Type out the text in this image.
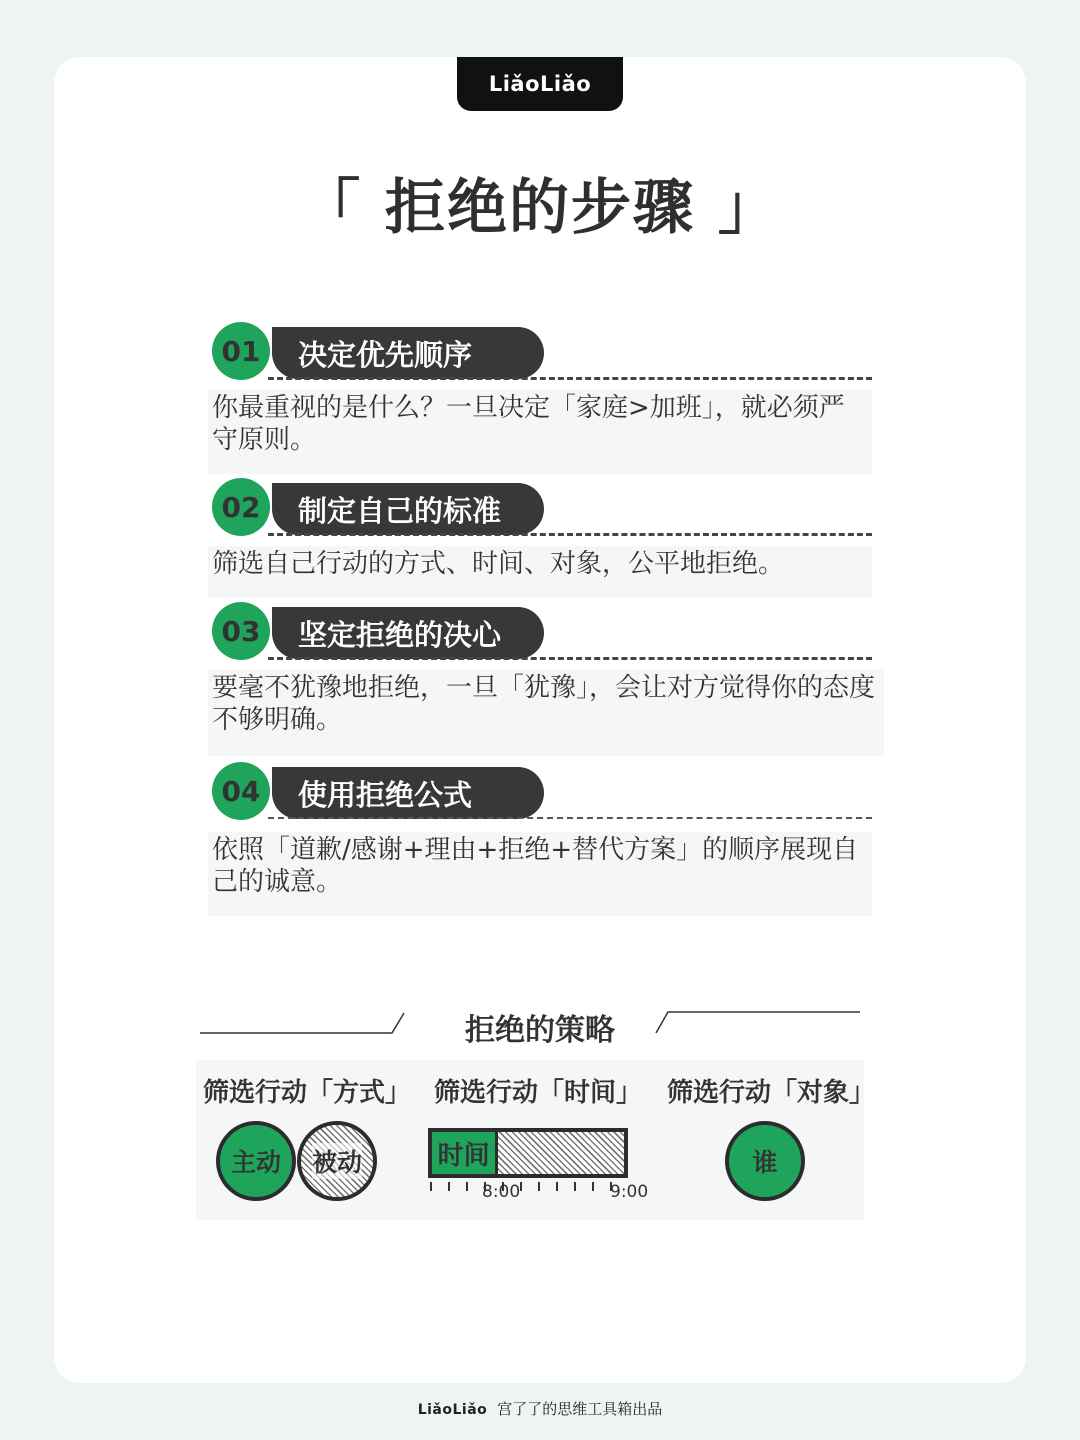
LiǎoLiǎo
「 拒绝的步骤 」
01	决定优先顺序
你最重视的是什么？一旦决定「家庭>加班」，就必须严守原则。
02	制定自己的标准
筛选自己行动的方式、时间、对象，公平地拒绝。
03	坚定拒绝的决心
要毫不犹豫地拒绝，一旦「犹豫」，会让对方觉得你的态度不够明确。
04	使用拒绝公式
依照「道歉/感谢+理由+拒绝+替代方案」的顺序展现自己的诚意。
拒绝的策略
筛选行动「方式」 筛选行动「时间」 筛选行动「对象」
主动	被动	时间
8:00	9:00
谁
LiǎoLiǎo 宫了了的思维工具箱出品
